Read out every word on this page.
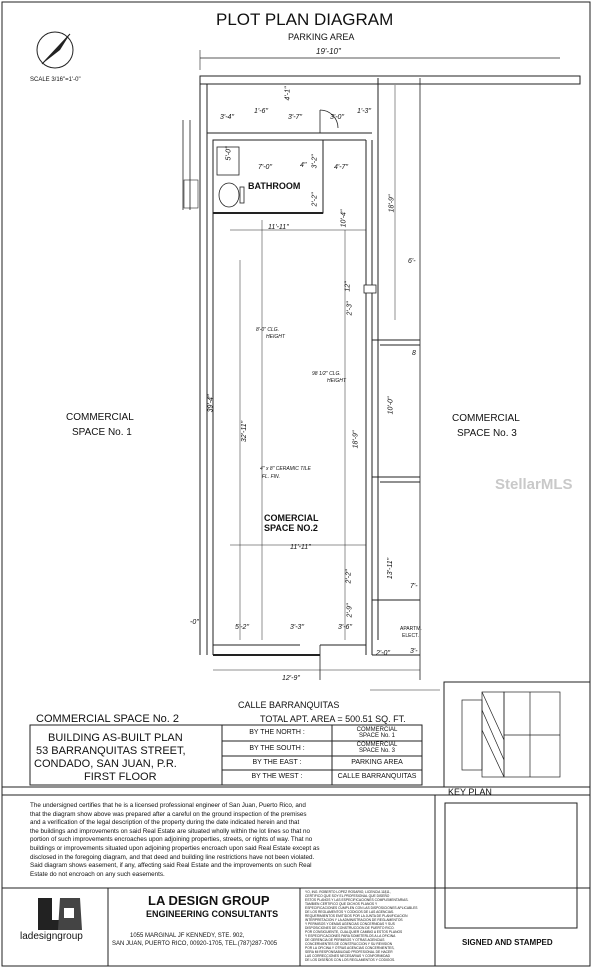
PLOT PLAN DIAGRAM
PARKING AREA
SCALE 3/16"=1'-0"
19'-10"
3'-4"
1'-6"
3'-7"	3'-0"
1'-3"
4'-1"
5'-0"
7'-0"	4"	4'-7"
3'-2"
2'-2"
BATHROOM
11'-11"
10'-4"
18'-9"
6'-
12"
2'-3"
8'-0" CLG.
HEIGHT
98 1/2" CLG.
HEIGHT
39'-4"
32'-11"
10'-0"
18'-9"
8
COMMERCIAL
SPACE No. 1
COMMERCIAL
SPACE No. 3
4" x 8" CERAMIC TILE
FL. FIN.	StellarMLS
COMERCIAL
SPACE NO.2
11'-11"
2'-2"	13'-11"
7'-
2'-9"
5'-2"	3'-3"	3'-6"
-0"
APARTM.
ELECT.
2'-0"	3'-
12'-9"
CALLE BARRANQUITAS
COMMERCIAL SPACE No. 2	TOTAL APT. AREA = 500.51 SQ. FT.
BUILDING AS-BUILT PLAN
53 BARRANQUITAS STREET,
CONDADO, SAN JUAN, P.R.
FIRST FLOOR
BY THE NORTH :	COMMERCIAL
SPACE No. 1
BY THE SOUTH :	COMMERCIAL
SPACE No. 3
BY THE EAST :	PARKING AREA
BY THE WEST :	CALLE BARRANQUITAS
KEY PLAN
The undersigned certifies that he is a licensed professional engineer of San Juan, Puerto Rico, and
that the diagram show above was prepared after a careful on the ground inspection of the premises
and a verification of the legal description of the property during the date indicated herein and that
the buildings and improvements on said Real Estate are situated wholly within the lot lines so that no
portion of such improvements encroaches upon adjoining properties, streets, or rights of way. That no
buildings or improvements situated upon adjoining properties encroach upon said Real Estate except as
disclosed in the foregoing diagram, and that deed and building line restrictions have not been violated.
Said diagram shows easement, if any, affecting said Real Estate and the improvements on such Real
Estate do not encroach on any such easements.
ladesigngroup
LA DESIGN GROUP
ENGINEERING CONSULTANTS
1055 MARGINAL JF KENNEDY, STE. 902,
SAN JUAN, PUERTO RICO, 00920-1705, TEL.(787)287-7005
YO, ING. ROBERTO LOPEZ ROSARIO, LICENCIA 11811,
CERTIFICO QUE SOY EL PROFESIONAL QUE DISEÑO
ESTOS PLANOS Y LAS ESPECIFICACIONES COMPLEMENTARIAS.
TAMBIEN CERTIFICO QUE DICHOS PLANOS Y
ESPECIFICACIONES CUMPLEN CON LAS DISPOSICIONES APLICABLES
DE LOS REGLAMENTOS Y CODIGOS DE LAS AGENCIAS.
REQUERIMIENTOS EMITIDOS POR LA JUNTA DE PLANIFICACION
INTERPRETACION Y LA ADMINISTRACION DE REGLAMENTOS
Y PERMISOS Y DEMAS AGENCIAS CONCERNIDAS Y SUS
DISPOSICIONES DE CONSTRUCCION DE PUERTO RICO.
POR CONSIGUIENTE, CUALQUIER CAMBIO A ESTOS PLANOS
Y ESPECIFICACIONES PARA SOMETERLOS A LA OFICINA
DE GERENCIA DE PERMISOS Y OTRAS AGENCIAS
CONCERNIENTES DE CONSTRUCCION Y SU REVISION
POR LA OFICINA Y OTRAS AGENCIAS CONCERNIENTES,
SERA MI RESPONSABILIDAD PROFESIONAL DE HACER
LAS CORRECCIONES NECESARIAS Y CONFORMIDAD
DE LOS DISEÑOS CON LOS REGLAMENTOS Y CODIGOS.
SIGNED AND STAMPED
